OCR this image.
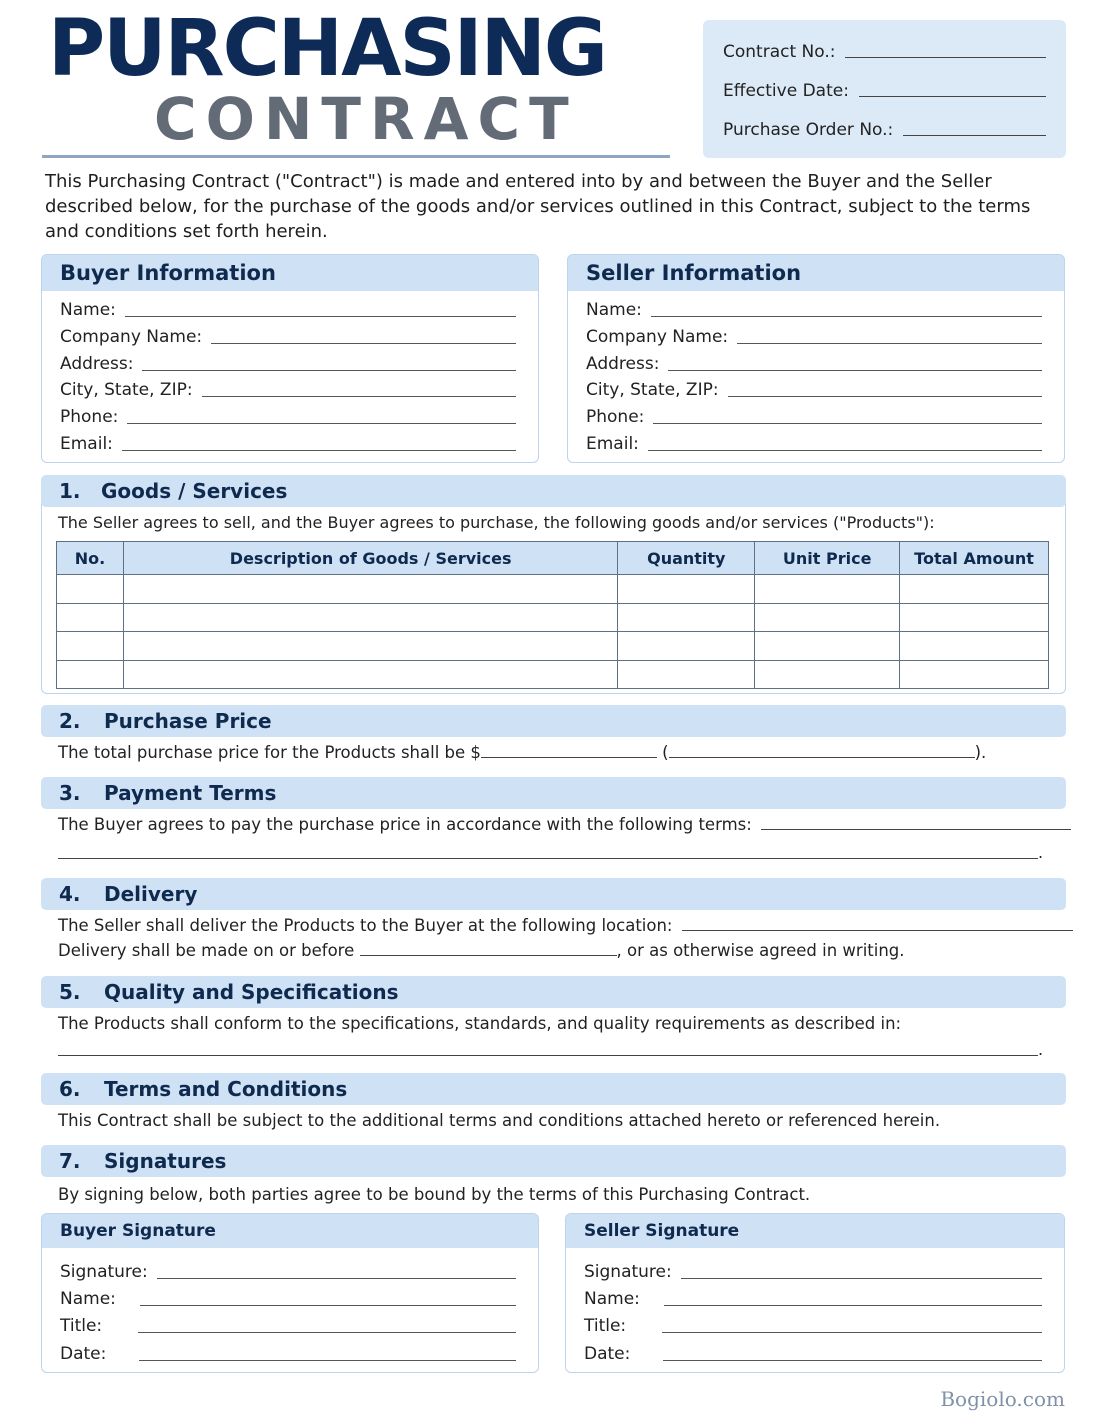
PURCHASING
CONTRACT
Contract No.:
Effective Date:
Purchase Order No.:
This Purchasing Contract ("Contract") is made and entered into by and between the Buyer and the Seller described below, for the purchase of the goods and/or services outlined in this Contract, subject to the terms and conditions set forth herein.
Buyer Information
Name:
Company Name:
Address:
City, State, ZIP:
Phone:
Email:
Seller Information
Name:
Company Name:
Address:
City, State, ZIP:
Phone:
Email:
1. Goods / Services
The Seller agrees to sell, and the Buyer agrees to purchase, the following goods and/or services ("Products"):
No.	Description of Goods / Services	Quantity	Unit Price	Total Amount

2. Purchase Price
The total purchase price for the Products shall be $	(	).
3. Payment Terms
The Buyer agrees to pay the purchase price in accordance with the following terms:
.
4. Delivery
The Seller shall deliver the Products to the Buyer at the following location:
Delivery shall be made on or before	, or as otherwise agreed in writing.
5. Quality and Specifications
The Products shall conform to the specifications, standards, and quality requirements as described in:
.
6. Terms and Conditions
This Contract shall be subject to the additional terms and conditions attached hereto or referenced herein.
7. Signatures
By signing below, both parties agree to be bound by the terms of this Purchasing Contract.
Buyer Signature
Signature:
Name:
Title:
Date:
Seller Signature
Signature:
Name:
Title:
Date:
Bogiolo.com
